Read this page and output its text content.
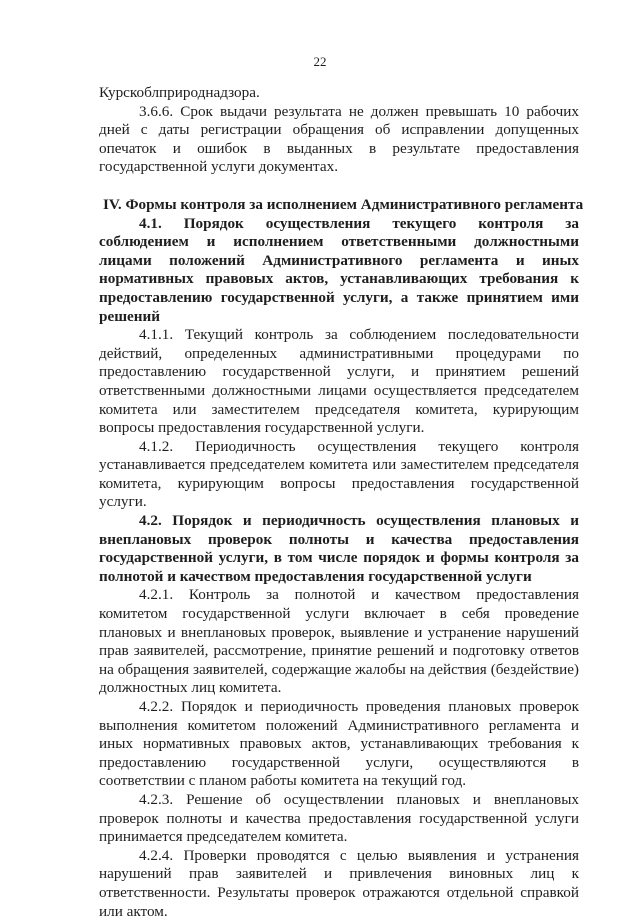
22

Курскоблприроднадзора.

3.6.6. Срок выдачи результата не должен превышать 10 рабочих дней с даты регистрации обращения об исправлении допущенных опечаток и ошибок в выданных в результате предоставления государственной услуги документах.

IV. Формы контроля за исполнением Административного регламента

4.1. Порядок осуществления текущего контроля за соблюдением и исполнением ответственными должностными лицами положений Административного регламента и иных нормативных правовых актов, устанавливающих требования к предоставлению государственной услуги, а также принятием ими решений

4.1.1. Текущий контроль за соблюдением последовательности действий, определенных административными процедурами по предоставлению государственной услуги, и принятием решений ответственными должностными лицами осуществляется председателем комитета или заместителем председателя комитета, курирующим вопросы предоставления государственной услуги.

4.1.2. Периодичность осуществления текущего контроля устанавливается председателем комитета или заместителем председателя комитета, курирующим вопросы предоставления государственной услуги.

4.2. Порядок и периодичность осуществления плановых и внеплановых проверок полноты и качества предоставления государственной услуги, в том числе порядок и формы контроля за полнотой и качеством предоставления государственной услуги

4.2.1. Контроль за полнотой и качеством предоставления комитетом государственной услуги включает в себя проведение плановых и внеплановых проверок, выявление и устранение нарушений прав заявителей, рассмотрение, принятие решений и подготовку ответов на обращения заявителей, содержащие жалобы на действия (бездействие) должностных лиц комитета.

4.2.2. Порядок и периодичность проведения плановых проверок выполнения комитетом положений Административного регламента и иных нормативных правовых актов, устанавливающих требования к предоставлению государственной услуги, осуществляются в соответствии с планом работы комитета на текущий год.

4.2.3. Решение об осуществлении плановых и внеплановых проверок полноты и качества предоставления государственной услуги принимается председателем комитета.

4.2.4. Проверки проводятся с целью выявления и устранения нарушений прав заявителей и привлечения виновных лиц к ответственности. Результаты проверок отражаются отдельной справкой или актом.
